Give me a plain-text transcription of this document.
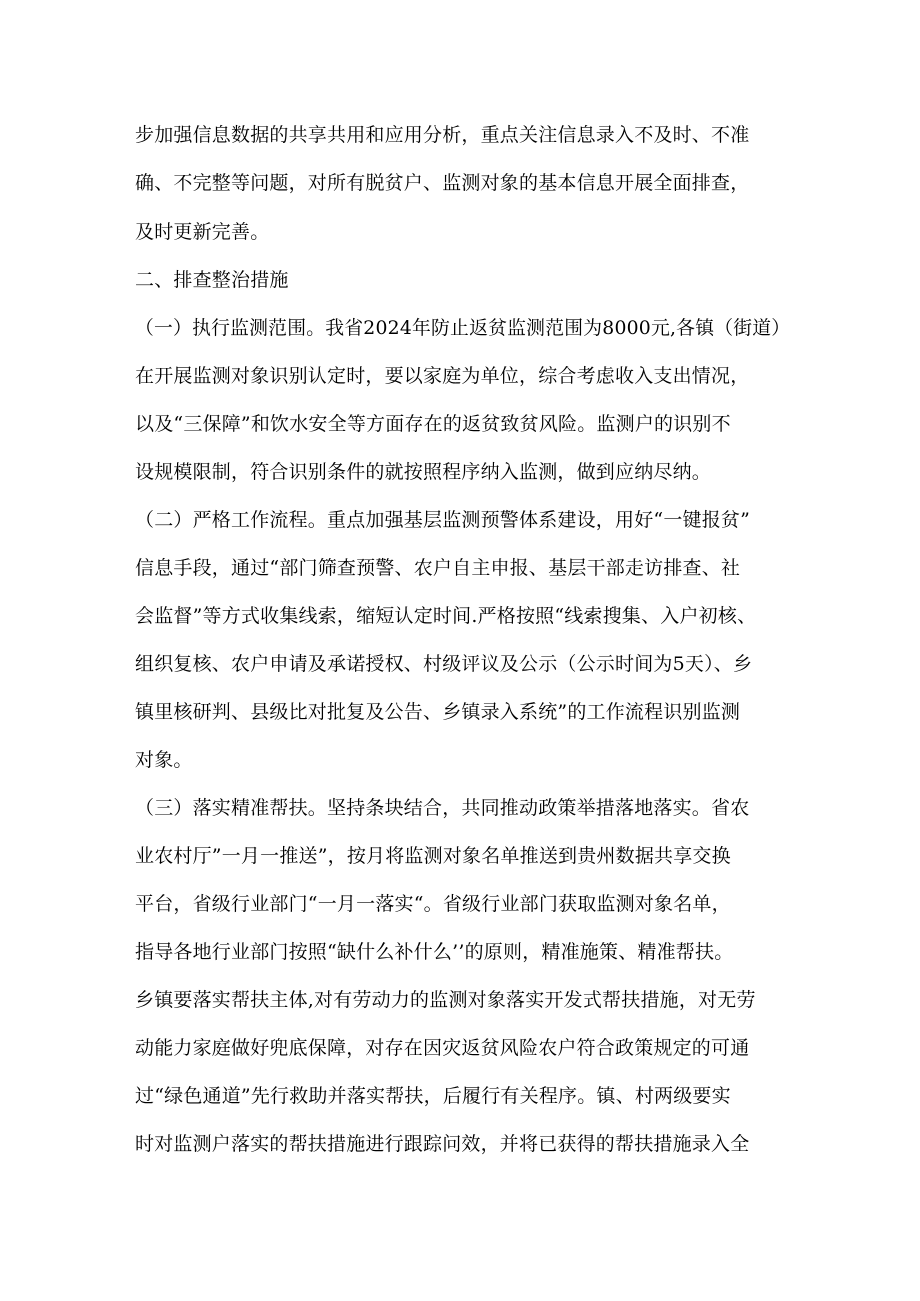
步加强信息数据的共享共用和应用分析，重点关注信息录入不及时、不准
确、不完整等问题，对所有脱贫户、监测对象的基本信息开展全面排查，
及时更新完善。
二、排查整治措施
（一）执行监测范围。我省2024年防止返贫监测范围为8000元,各镇（街道）
在开展监测对象识别认定时，要以家庭为单位，综合考虑收入支出情况，
以及“三保障”和饮水安全等方面存在的返贫致贫风险。监测户的识别不
设规模限制，符合识别条件的就按照程序纳入监测，做到应纳尽纳。
（二）严格工作流程。重点加强基层监测预警体系建设，用好“一键报贫”
信息手段，通过“部门筛查预警、农户自主申报、基层干部走访排查、社
会监督”等方式收集线索，缩短认定时间.严格按照“线索搜集、入户初核、
组织复核、农户申请及承诺授权、村级评议及公示（公示时间为5天）、乡
镇里核研判、县级比对批复及公告、乡镇录入系统”的工作流程识别监测
对象。
（三）落实精准帮扶。坚持条块结合，共同推动政策举措落地落实。省农
业农村厅”一月一推送”，按月将监测对象名单推送到贵州数据共享交换
平台，省级行业部门“一月一落实“。省级行业部门获取监测对象名单，
指导各地行业部门按照“缺什么补什么’’的原则，精准施策、精准帮扶。
乡镇要落实帮扶主体,对有劳动力的监测对象落实开发式帮扶措施，对无劳
动能力家庭做好兜底保障，对存在因灾返贫风险农户符合政策规定的可通
过“绿色通道”先行救助并落实帮扶，后履行有关程序。镇、村两级要实
时对监测户落实的帮扶措施进行跟踪问效，并将已获得的帮扶措施录入全
